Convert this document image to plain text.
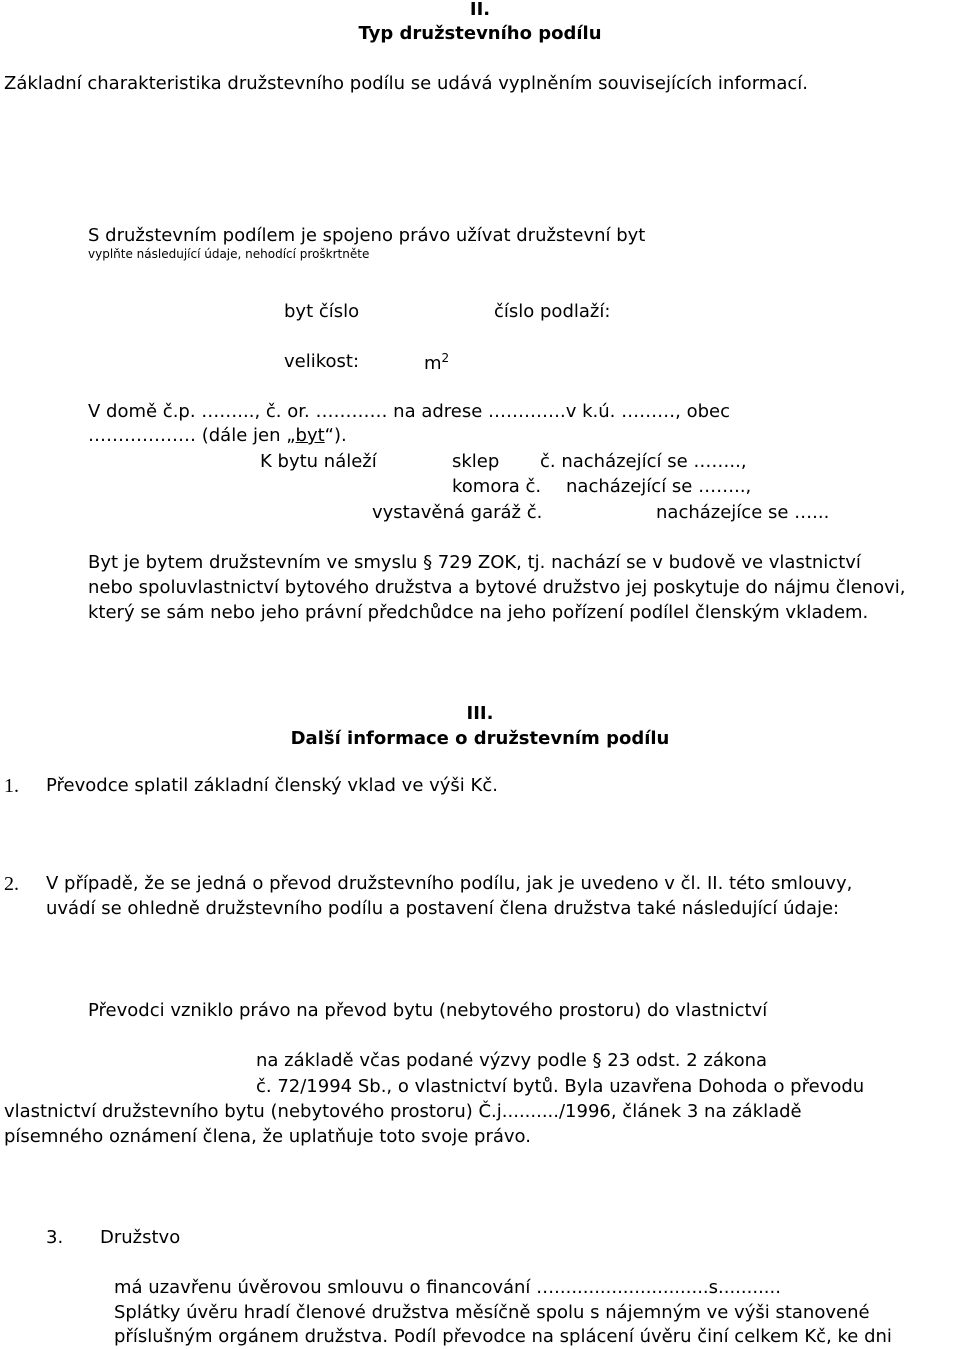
II.
Typ družstevního podílu
Základní charakteristika družstevního podílu se udává vyplněním souvisejících informací.
S družstevním podílem je spojeno právo užívat družstevní byt
vyplňte následující údaje, nehodící proškrtněte
byt číslo	číslo podlaží:
velikost:	$m^2$
V domě č.p. ……..., č. or. ………… na adrese ………….v k.ú. ………, obec
……………… (dále jen „byt“).
K bytu náleží	sklep č. nacházející se ……..,
komora č. nacházející se ……..,
vystavěná garáž č.	nacházejíce se …...
Byt je bytem družstevním ve smyslu § 729 ZOK, tj. nachází se v budově ve vlastnictví
nebo spoluvlastnictví bytového družstva a bytové družstvo jej poskytuje do nájmu členovi,
který se sám nebo jeho právní předchůdce na jeho pořízení podílel členským vkladem.
III.
Další informace o družstevním podílu
1. Převodce splatil základní členský vklad ve výši Kč.
2. V případě, že se jedná o převod družstevního podílu, jak je uvedeno v čl. II. této smlouvy,
uvádí se ohledně družstevního podílu a postavení člena družstva také následující údaje:
Převodci vzniklo právo na převod bytu (nebytového prostoru) do vlastnictví
na základě včas podané výzvy podle § 23 odst. 2 zákona
č. 72/1994 Sb., o vlastnictví bytů. Byla uzavřena Dohoda o převodu
vlastnictví družstevního bytu (nebytového prostoru) Č.j........../1996, článek 3 na základě
písemného oznámení člena, že uplatňuje toto svoje právo.
3. Družstvo
má uzavřenu úvěrovou smlouvu o financování …...........................s...........
Splátky úvěru hradí členové družstva měsíčně spolu s nájemným ve výši stanovené
příslušným orgánem družstva. Podíl převodce na splácení úvěru činí celkem Kč, ke dni
